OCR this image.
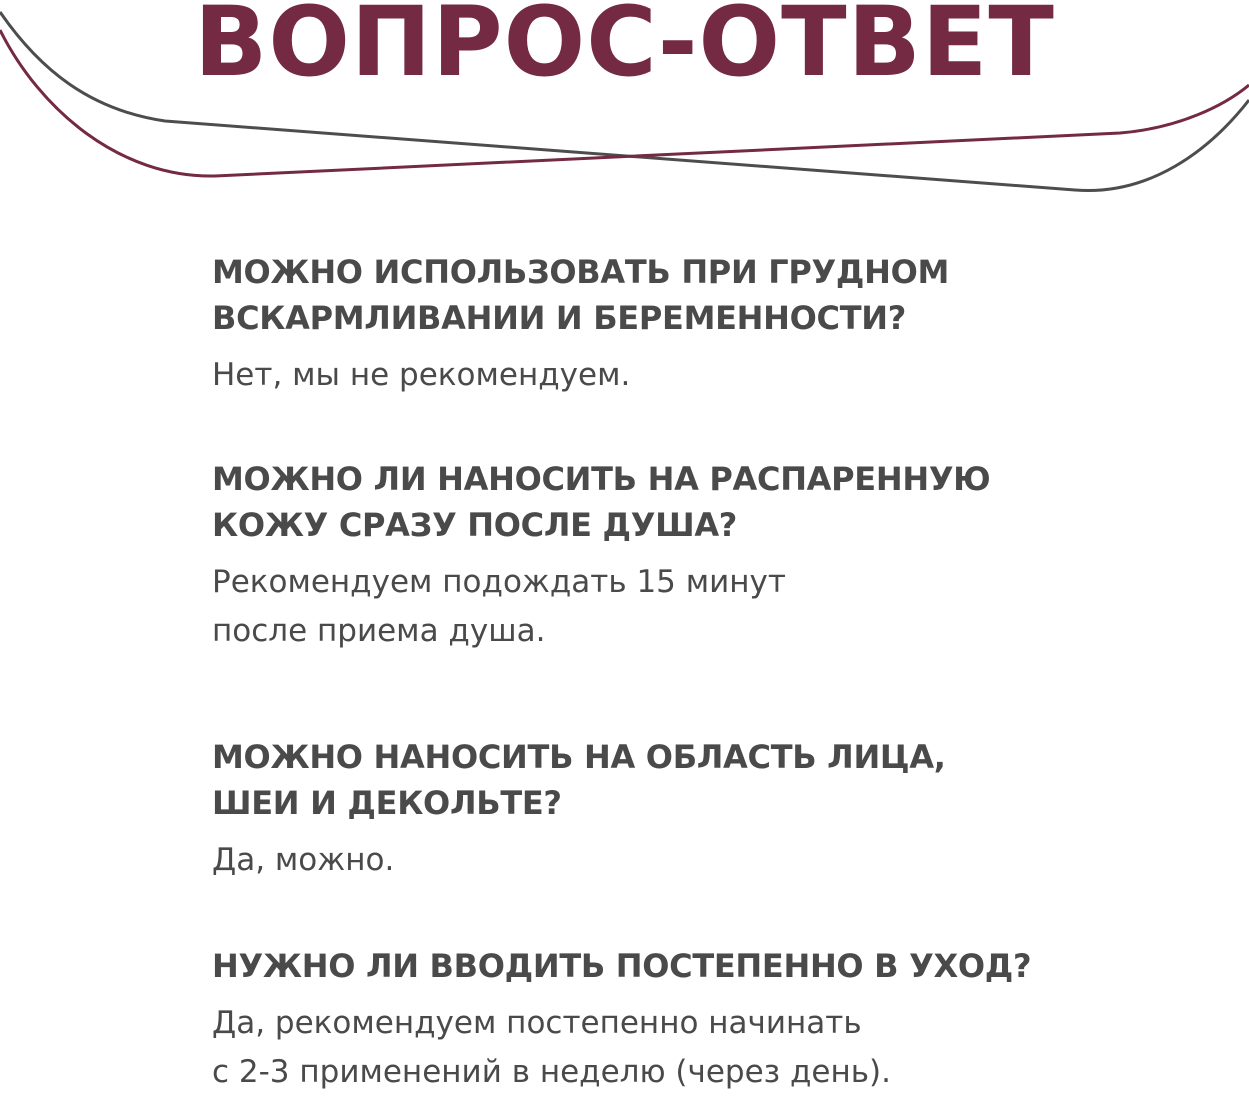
ВОПРОС-ОТВЕТ
МОЖНО ИСПОЛЬЗОВАТЬ ПРИ ГРУДНОМ
ВСКАРМЛИВАНИИ И БЕРЕМЕННОСТИ?

Нет, мы не рекомендуем.

МОЖНО ЛИ НАНОСИТЬ НА РАСПАРЕННУЮ
КОЖУ СРАЗУ ПОСЛЕ ДУША?

Рекомендуем подождать 15 минут
после приема душа.

МОЖНО НАНОСИТЬ НА ОБЛАСТЬ ЛИЦА,
ШЕИ И ДЕКОЛЬТЕ?

Да, можно.

НУЖНО ЛИ ВВОДИТЬ ПОСТЕПЕННО В УХОД?

Да, рекомендуем постепенно начинать
с 2-3 применений в неделю (через день).
